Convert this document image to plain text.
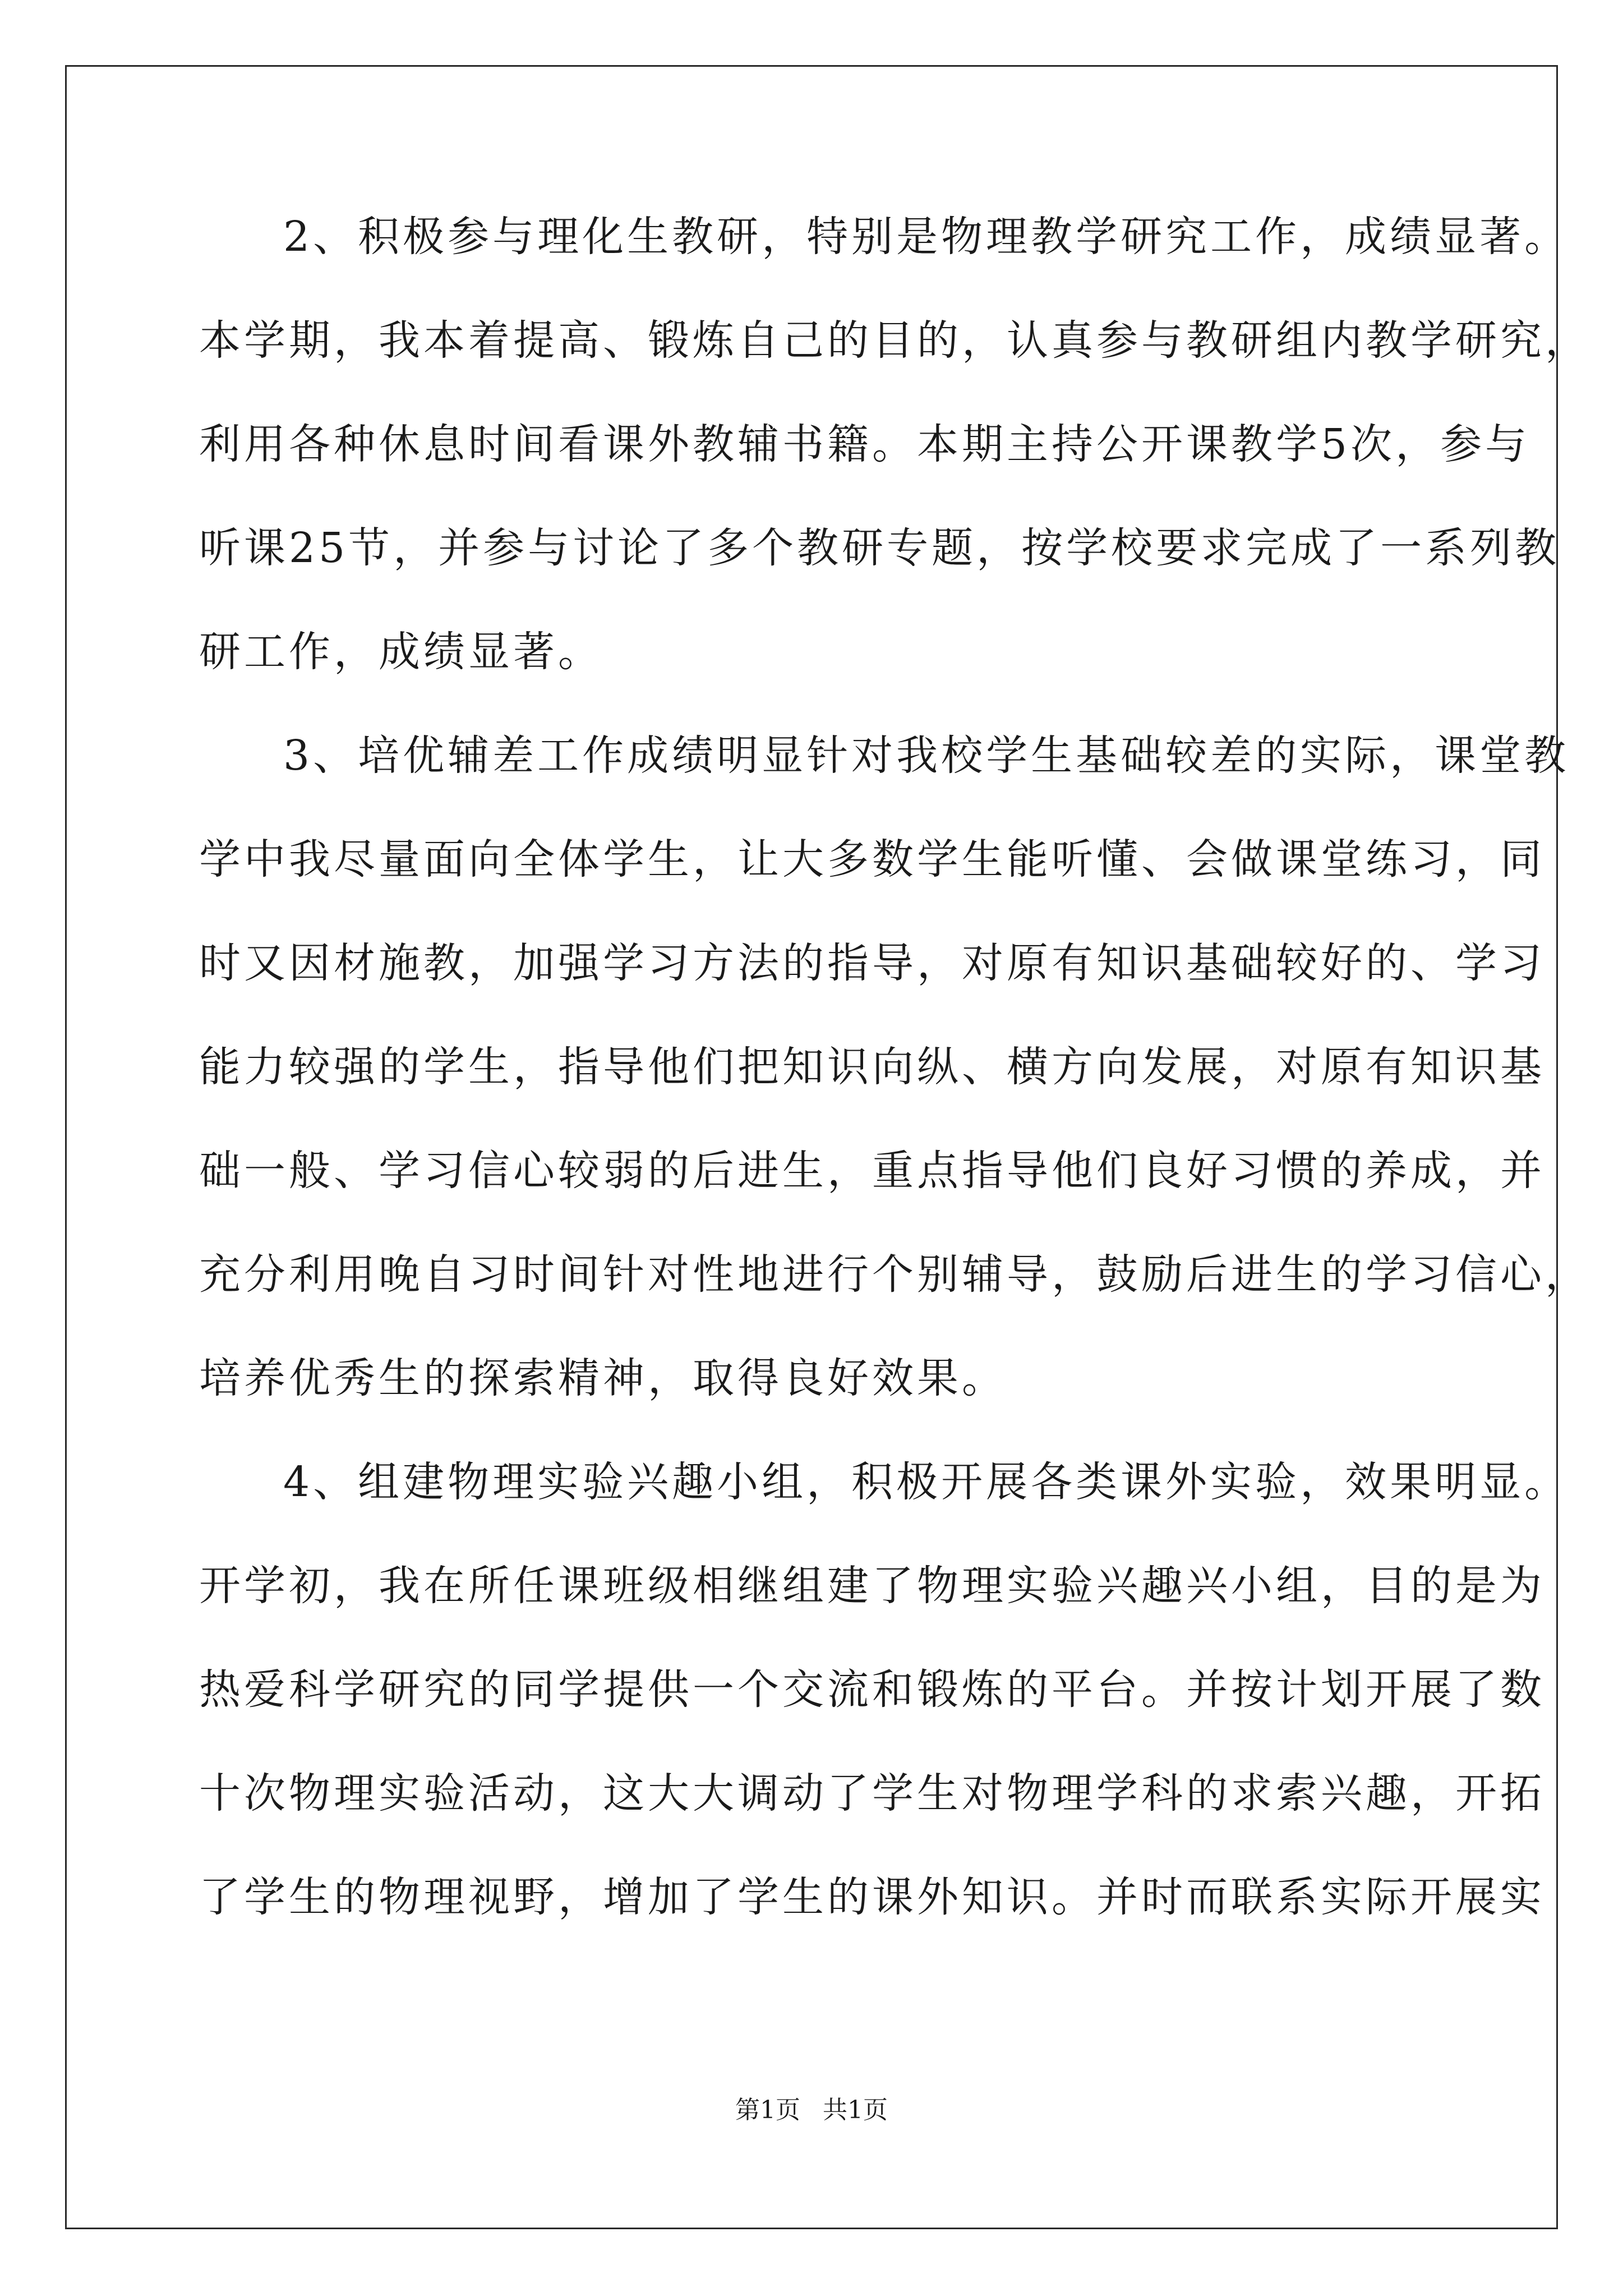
2、积极参与理化生教研，特别是物理教学研究工作，成绩显著。
本学期，我本着提高、锻炼自己的目的，认真参与教研组内教学研究，
利用各种休息时间看课外教辅书籍。本期主持公开课教学5次，参与
听课25节，并参与讨论了多个教研专题，按学校要求完成了一系列教
研工作，成绩显著。
3、培优辅差工作成绩明显针对我校学生基础较差的实际，课堂教
学中我尽量面向全体学生，让大多数学生能听懂、会做课堂练习，同
时又因材施教，加强学习方法的指导，对原有知识基础较好的、学习
能力较强的学生，指导他们把知识向纵、横方向发展，对原有知识基
础一般、学习信心较弱的后进生，重点指导他们良好习惯的养成，并
充分利用晚自习时间针对性地进行个别辅导，鼓励后进生的学习信心，
培养优秀生的探索精神，取得良好效果。
4、组建物理实验兴趣小组，积极开展各类课外实验，效果明显。
开学初，我在所任课班级相继组建了物理实验兴趣兴小组，目的是为
热爱科学研究的同学提供一个交流和锻炼的平台。并按计划开展了数
十次物理实验活动，这大大调动了学生对物理学科的求索兴趣，开拓
了学生的物理视野，增加了学生的课外知识。并时而联系实际开展实
第1页 共1页
